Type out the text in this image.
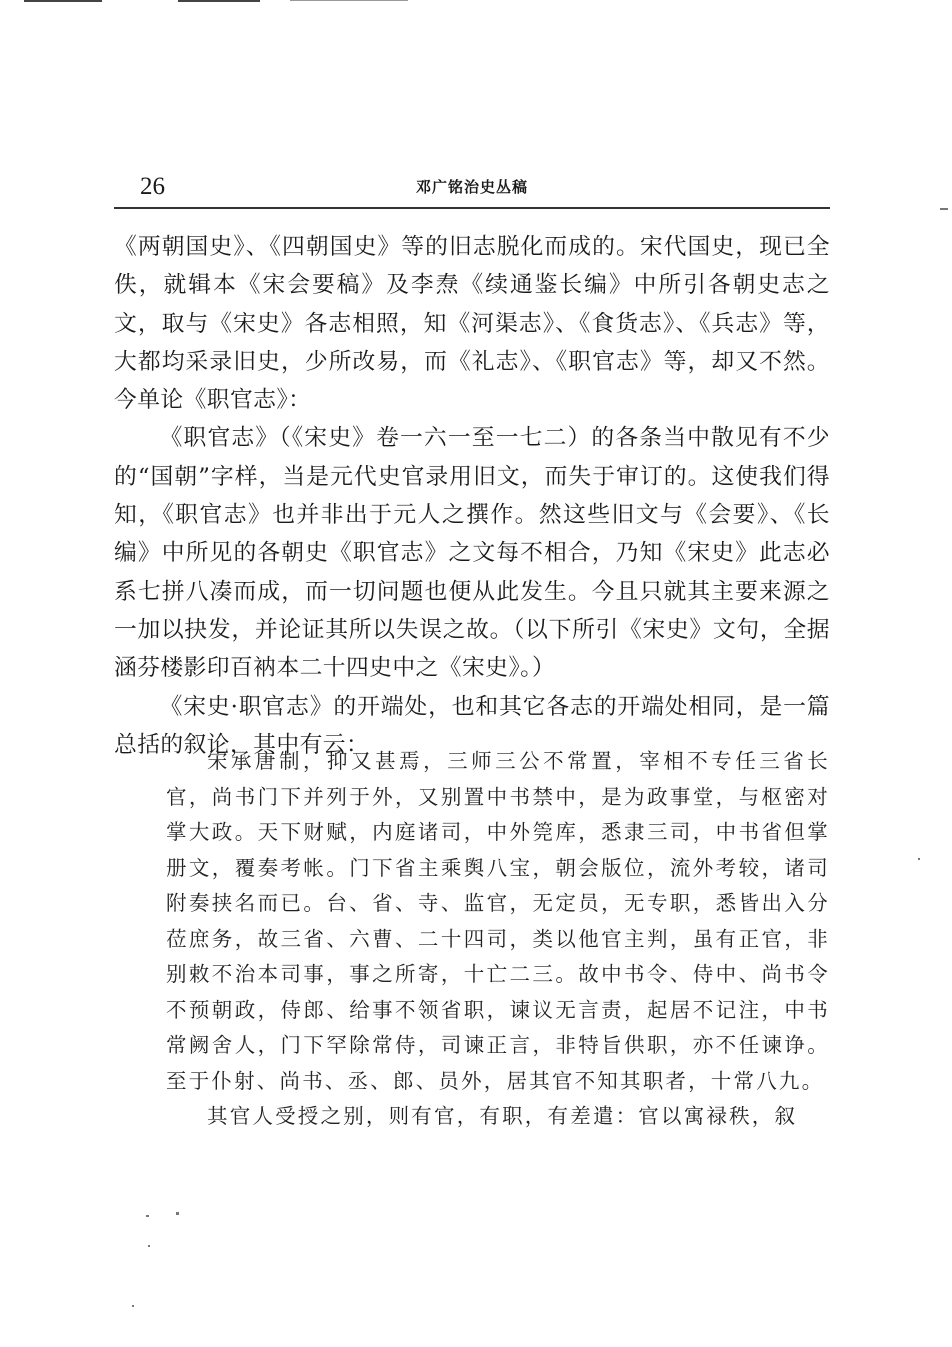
26	邓广铭治史丛稿

《两朝国史》、《四朝国史》等的旧志脱化而成的。宋代国史，现已全佚，就辑本《宋会要稿》及李焘《续通鉴长编》中所引各朝史志之文，取与《宋史》各志相照，知《河渠志》、《食货志》、《兵志》等，大都均采录旧史，少所改易，而《礼志》、《职官志》等，却又不然。今单论《职官志》：

《职官志》（《宋史》卷一六一至一七二）的各条当中散见有不少的“国朝”字样，当是元代史官录用旧文，而失于审订的。这使我们得知，《职官志》也并非出于元人之撰作。然这些旧文与《会要》、《长编》中所见的各朝史《职官志》之文每不相合，乃知《宋史》此志必系七拼八凑而成，而一切问题也便从此发生。今且只就其主要来源之一加以抉发，并论证其所以失误之故。（以下所引《宋史》文句，全据涵芬楼影印百衲本二十四史中之《宋史》。）

《宋史·职官志》的开端处，也和其它各志的开端处相同，是一篇总括的叙论，其中有云：

宋承唐制，抑又甚焉，三师三公不常置，宰相不专任三省长官，尚书门下并列于外，又别置中书禁中，是为政事堂，与枢密对掌大政。天下财赋，内庭诸司，中外筦库，悉隶三司，中书省但掌册文，覆奏考帐。门下省主乘舆八宝，朝会版位，流外考较，诸司附奏挟名而已。台、省、寺、监官，无定员，无专职，悉皆出入分莅庶务，故三省、六曹、二十四司，类以他官主判，虽有正官，非别敕不治本司事，事之所寄，十亡二三。故中书令、侍中、尚书令不预朝政，侍郎、给事不领省职，谏议无言责，起居不记注，中书常阙舍人，门下罕除常侍，司谏正言，非特旨供职，亦不任谏诤。至于仆射、尚书、丞、郎、员外，居其官不知其职者，十常八九。

其官人受授之别，则有官，有职，有差遣：官以寓禄秩，叙
